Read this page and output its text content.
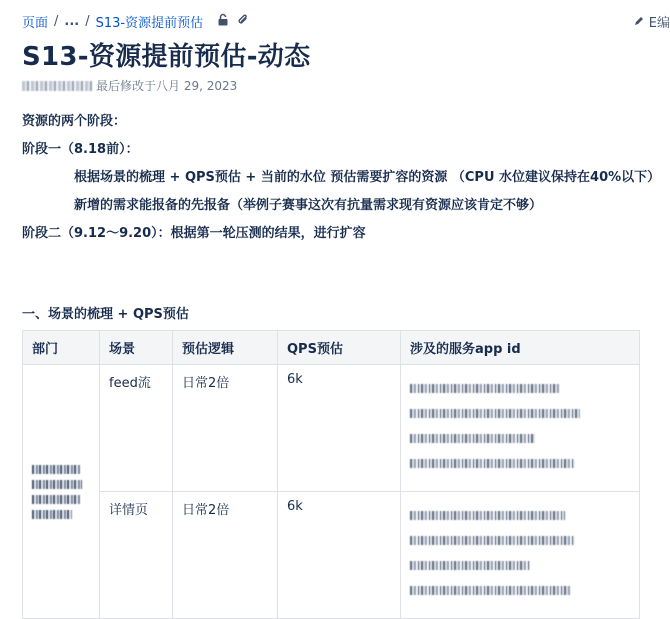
页面 / ... / S13-资源提前预估	E编
S13-资源提前预估-动态
最后修改于八月 29, 2023

资源的两个阶段：

阶段一（8.18前）：

根据场景的梳理 + QPS预估 + 当前的水位 预估需要扩容的资源 （CPU 水位建议保持在40%以下）

新增的需求能报备的先报备（举例子赛事这次有抗量需求现有资源应该肯定不够）

阶段二（9.12～9.20）：根据第一轮压测的结果，进行扩容

一、场景的梳理 + QPS预估
部门	场景	预估逻辑	QPS预估	涉及的服务app id

	feed流	日常2倍	6k	

	详情页	日常2倍	6k	
